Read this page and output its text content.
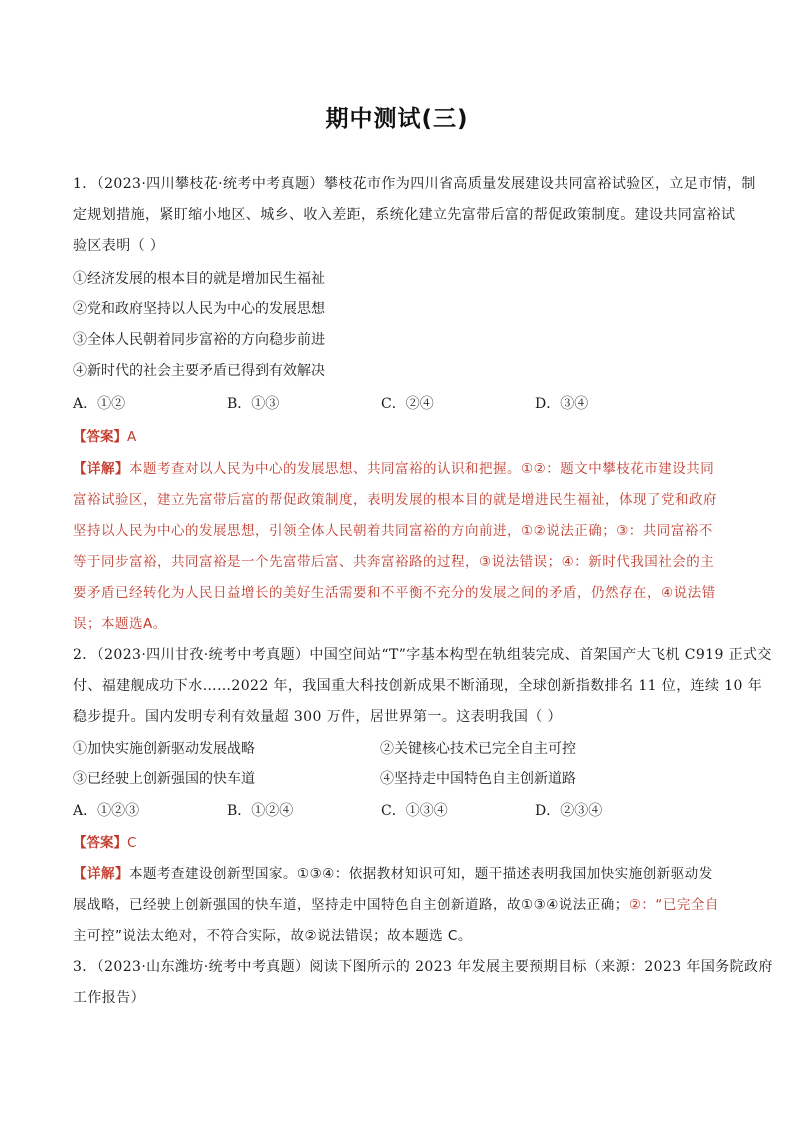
期中测试(三)
1．（2023·四川攀枝花·统考中考真题）攀枝花市作为四川省高质量发展建设共同富裕试验区，立足市情，制
定规划措施，紧盯缩小地区、城乡、收入差距，系统化建立先富带后富的帮促政策制度。建设共同富裕试
验区表明（ ）
①经济发展的根本目的就是增加民生福祉
②党和政府坚持以人民为中心的发展思想
③全体人民朝着同步富裕的方向稳步前进
④新时代的社会主要矛盾已得到有效解决
A．①②	B．①③	C．②④	D．③④
【答案】A
【详解】本题考查对以人民为中心的发展思想、共同富裕的认识和把握。①②：题文中攀枝花市建设共同
富裕试验区，建立先富带后富的帮促政策制度，表明发展的根本目的就是增进民生福祉，体现了党和政府
坚持以人民为中心的发展思想，引领全体人民朝着共同富裕的方向前进，①②说法正确；③：共同富裕不
等于同步富裕，共同富裕是一个先富带后富、共奔富裕路的过程，③说法错误；④：新时代我国社会的主
要矛盾已经转化为人民日益增长的美好生活需要和不平衡不充分的发展之间的矛盾，仍然存在，④说法错
误；本题选A。
2．（2023·四川甘孜·统考中考真题）中国空间站“T”字基本构型在轨组装完成、首架国产大飞机 C919 正式交
付、福建舰成功下水……2022 年，我国重大科技创新成果不断涌现，全球创新指数排名 11 位，连续 10 年
稳步提升。国内发明专利有效量超 300 万件，居世界第一。这表明我国（ ）
①加快实施创新驱动发展战略	②关键核心技术已完全自主可控
③已经驶上创新强国的快车道	④坚持走中国特色自主创新道路
A．①②③	B．①②④	C．①③④	D．②③④
【答案】C
【详解】本题考查建设创新型国家。①③④：依据教材知识可知，题干描述表明我国加快实施创新驱动发
展战略，已经驶上创新强国的快车道，坚持走中国特色自主创新道路，故①③④说法正确；②：“已完全自
主可控”说法太绝对，不符合实际，故②说法错误；故本题选 C。
3．（2023·山东潍坊·统考中考真题）阅读下图所示的 2023 年发展主要预期目标（来源：2023 年国务院政府
工作报告）
